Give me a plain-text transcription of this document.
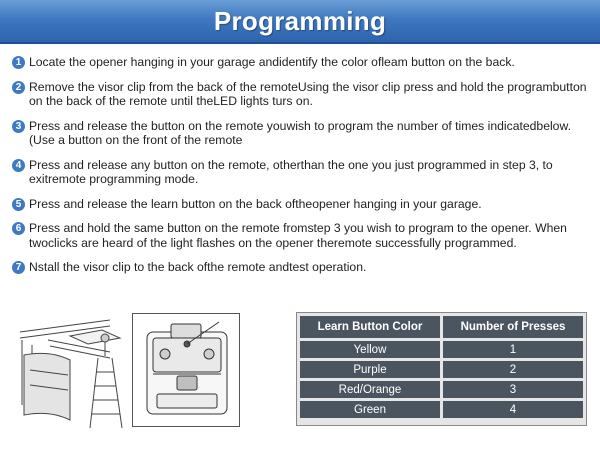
Programming
1 Locate the opener hanging in your garage andidentify the color ofleam button on the back.
2 Remove the visor clip from the back of the remoteUsing the visor clip press and hold the programbutton on the back of the remote until theLED lights turs on.
3 Press and release the button on the remote youwish to program the number of times indicatedbelow.(Use a button on the front of the remote
4 Press and release any button on the remote, otherthan the one you just programmed in step 3, to exitremote programming mode.
5 Press and release the learn button on the back oftheopener hanging in your garage.
6 Press and hold the same button on the remote fromstep 3 you wish to program to the opener. When twoclicks are heard of the light flashes on the opener theremote successfully programmed.
7 Nstall the visor clip to the back ofthe remote andtest operation.
Learn Button Color	Number of Presses
Yellow	1
Purple	2
Red/Orange	3
Green	4
